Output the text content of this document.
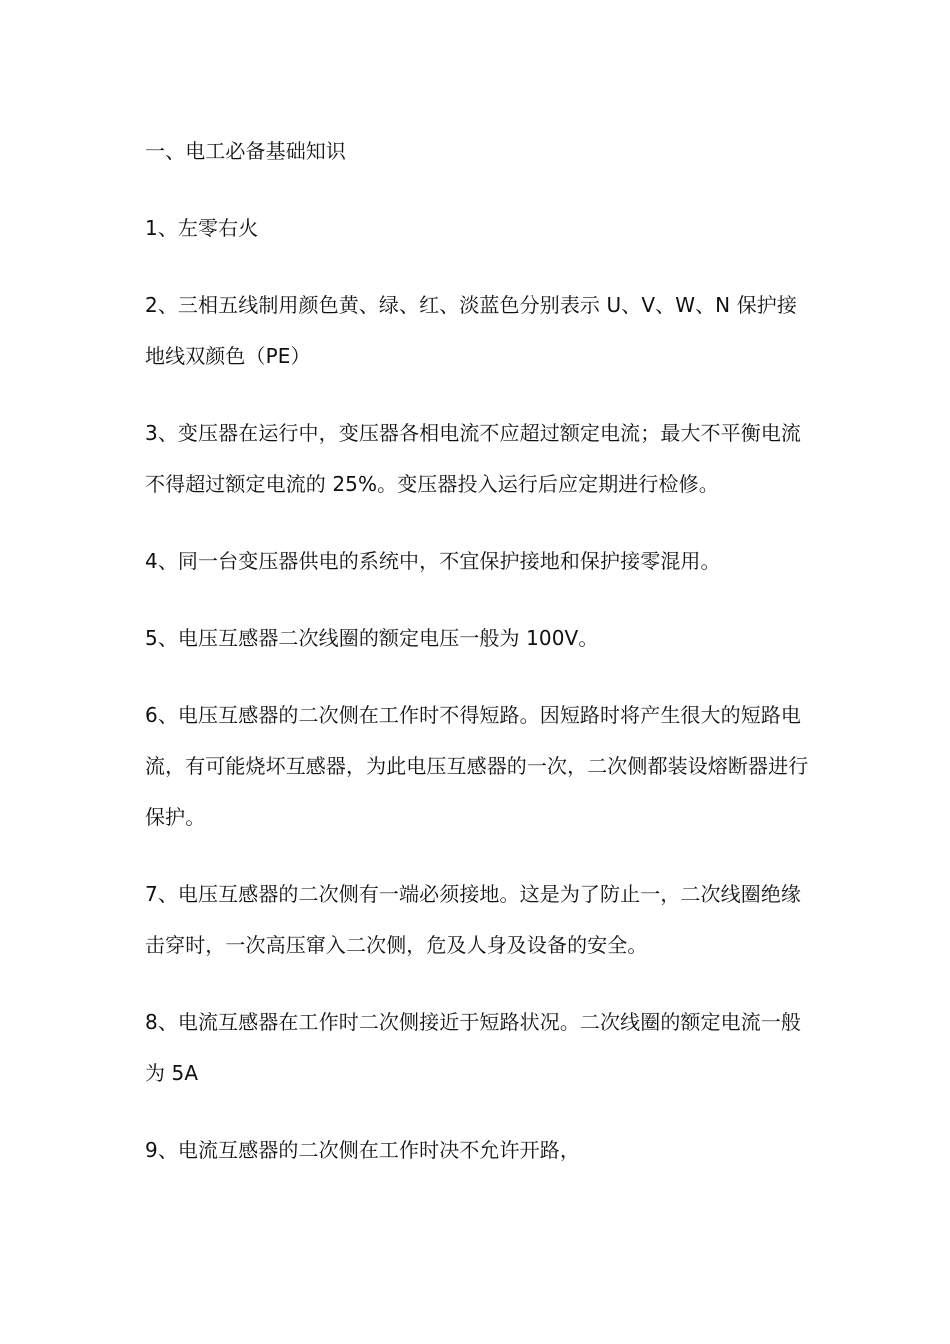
一、电工必备基础知识

1、左零右火

2、三相五线制用颜色黄、绿、红、淡蓝色分别表示 U、V、W、N 保护接地线双颜色（PE）

3、变压器在运行中，变压器各相电流不应超过额定电流；最大不平衡电流不得超过额定电流的 25%。变压器投入运行后应定期进行检修。

4、同一台变压器供电的系统中，不宜保护接地和保护接零混用。

5、电压互感器二次线圈的额定电压一般为 100V。

6、电压互感器的二次侧在工作时不得短路。因短路时将产生很大的短路电流，有可能烧坏互感器，为此电压互感器的一次，二次侧都装设熔断器进行保护。

7、电压互感器的二次侧有一端必须接地。这是为了防止一，二次线圈绝缘击穿时，一次高压窜入二次侧，危及人身及设备的安全。

8、电流互感器在工作时二次侧接近于短路状况。二次线圈的额定电流一般为 5A

9、电流互感器的二次侧在工作时决不允许开路，
